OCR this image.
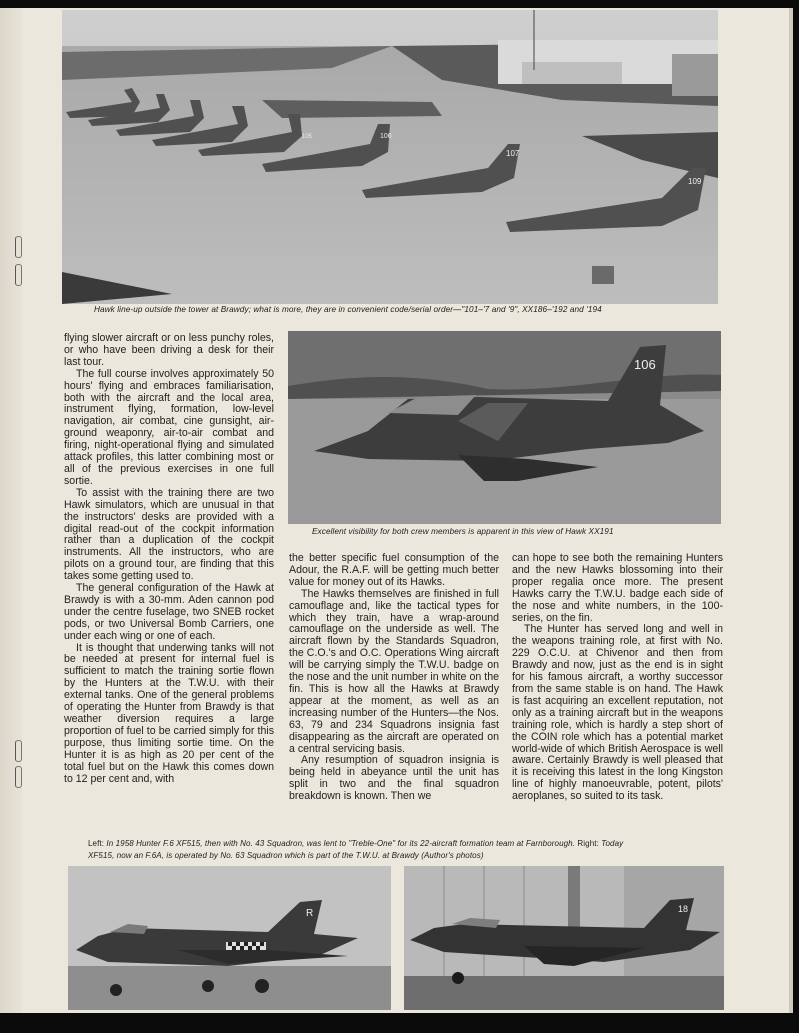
105	106
107
109
Hawk line-up outside the tower at Brawdy; what is more, they are in convenient code/serial order—"101–'7 and '9", XX186–'192 and '194
106
Excellent visibility for both crew members is apparent in this view of Hawk XX191

flying slower aircraft or on less punchy roles, or who have been driving a desk for their last tour.

The full course involves approximately 50 hours' flying and embraces familiarisation, both with the aircraft and the local area, instrument flying, formation, low-level navigation, air combat, cine gunsight, air-ground weaponry, air-to-air combat and firing, night-operational flying and simulated attack profiles, this latter combining most or all of the previous exercises in one full sortie.

To assist with the training there are two Hawk simulators, which are unusual in that the instructors' desks are provided with a digital read-out of the cockpit information rather than a duplication of the cockpit instruments. All the instructors, who are pilots on a ground tour, are finding that this takes some getting used to.

The general configuration of the Hawk at Brawdy is with a 30-mm. Aden cannon pod under the centre fuselage, two SNEB rocket pods, or two Universal Bomb Carriers, one under each wing or one of each.

It is thought that underwing tanks will not be needed at present for internal fuel is sufficient to match the training sortie flown by the Hunters at the T.W.U. with their external tanks. One of the general problems of operating the Hunter from Brawdy is that weather diversion requires a large proportion of fuel to be carried simply for this purpose, thus limiting sortie time. On the Hunter it is as high as 20 per cent of the total fuel but on the Hawk this comes down to 12 per cent and, with

the better specific fuel consumption of the Adour, the R.A.F. will be getting much better value for money out of its Hawks.

The Hawks themselves are finished in full camouflage and, like the tactical types for which they train, have a wrap-around camouflage on the underside as well. The aircraft flown by the Standards Squadron, the C.O.'s and O.C. Operations Wing aircraft will be carrying simply the T.W.U. badge on the nose and the unit number in white on the fin. This is how all the Hawks at Brawdy appear at the moment, as well as an increasing number of the Hunters—the Nos. 63, 79 and 234 Squadrons insignia fast disappearing as the aircraft are operated on a central servicing basis.

Any resumption of squadron insignia is being held in abeyance until the unit has split in two and the final squadron breakdown is known. Then we

can hope to see both the remaining Hunters and the new Hawks blossoming into their proper regalia once more. The present Hawks carry the T.W.U. badge each side of the nose and white numbers, in the 100-series, on the fin.

The Hunter has served long and well in the weapons training role, at first with No. 229 O.C.U. at Chivenor and then from Brawdy and now, just as the end is in sight for his famous aircraft, a worthy successor from the same stable is on hand. The Hawk is fast acquiring an excellent reputation, not only as a training aircraft but in the weapons training role, which is hardly a step short of the COIN role which has a potential market world-wide of which British Aerospace is well aware. Certainly Brawdy is well pleased that it is receiving this latest in the long Kingston line of highly manoeuvrable, potent, pilots' aeroplanes, so suited to its task.

Left: In 1958 Hunter F.6 XF515, then with No. 43 Squadron, was lent to "Treble-One" for its 22-aircraft formation team at Farnborough. Right: Today
XF515, now an F.6A, is operated by No. 63 Squadron which is part of the T.W.U. at Brawdy (Author's photos)
R	18
